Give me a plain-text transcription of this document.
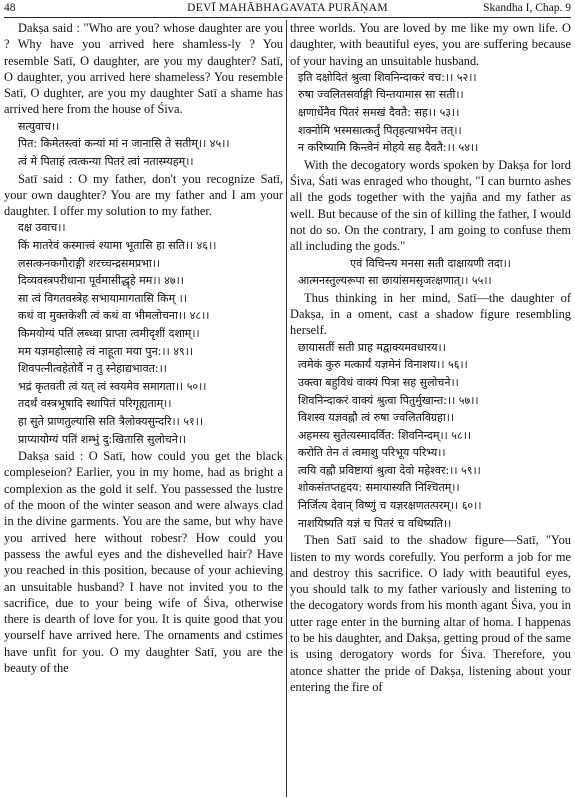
48	DEVĪ MAHĀBHAGAVATA PURĀṆAM	Skandha I, Chap. 9

Dakṣa said : "Who are you? whose daughter are you ? Why have you arrived here shamless-ly ? You resemble Satī, O daughter, are you my daughter? Satī, O daughter, you arrived here shameless? You resemble Satī, O dughter, are you my daughter Satī a shame has arrived here from the house of Śiva.

सत्युवाच।।
पित: किमेतस्त्वां कन्यां मां न जानासि ते सतीम्।। ४५।।
त्वं मे पिताहं त्वत्कन्या पितरं त्वां नतास्म्यहम्।।

Satī said : O my father, don't you recognize Satī, your own daughter? You are my father and I am your daughter. I offer my solution to my father.

दक्ष उवाच।।
किं मातरेवं कस्मात्त्वं श्यामा भूतासि हा सति।। ४६।।
लसत्कनकगौराङ्गी शरच्चन्द्रसमप्रभा।।
दिव्यवस्त्रपरीधाना पूर्वमासीद्धृहे मम।। ४७।।
सा त्वं विगतवस्त्रेह सभायामागतासि किम् ।।
कथं वा मुक्तकेशी त्वं कथं वा भीमलोचना।। ४८।।
किमयोग्यं पतिं लब्ध्वा प्राप्ता त्वमीदृशीं दशाम्।।
मम यज्ञमहोत्साहे त्वं नाहूता मया पुन:।। ४९।।
शिवपत्नीत्वहेतोर्वै न तु स्नेहाद्यभावत:।।
भद्रं कृतवती त्वं यत् त्वं स्वयमेव समागता।। ५०।।
तदर्थं वस्त्रभूषादि स्थापितं परिगृह्यताम्।।
हा सुते प्राणतुल्यासि सति त्रैलोक्यसुन्दरि।। ५१।।
प्राप्यायोग्यं पतिं शम्भुं दु:खितासि सुलोचने।।

Dakṣa said : O Satī, how could you get the black compleseion? Earlier, you in my home, had as bright a complexion as the gold it self. You passessed the lustre of the moon of the winter season and were always clad in the divine garments. You are the same, but why have you arrived here without robesr? How could you passess the awful eyes and the dishevelled hair? Have you reached in this position, because of your achieving an unsuitable husband? I have not invited you to the sacrifice, due to your being wife of Śiva, otherwise there is dearth of love for you. It is quite good that you yourself have arrived here. The ornaments and cstimes have unfit for you. O my daughter Satī, you are the beauty of the

three worlds. You are loved by me like my own life. O daughter, with beautiful eyes, you are suffering because of your having an unsuitable husband.

इति दक्षोदितं श्रुत्वा शिवनिन्दाकरं वच:।। ५२।।
रुषा ज्वलितसर्वाङ्गी चिन्तयामास सा सती।।
क्षणार्धेनैव पितरं समखं दैवतै: सह।। ५३।।
शक्नोमि भस्मसात्कर्तुं पितृहत्याभयेन तत्।।
न करिष्यामि किन्त्वेनं मोहये सह दैवतै:।। ५४।।

With the decogatory words spoken by Dakṣa for lord Śiva, Śati was enraged who thought, "I can burnto ashes all the gods together with the yajña and my father as well. But because of the sin of killing the father, I would not do so. On the contrary, I am going to confuse them all including the gods."

एवं विचिन्त्य मनसा सती दाक्षायणी तदा।।
आत्मनस्तुल्यरूपा सा छायांसमसृजत्क्षणात्।। ५५।।

Thus thinking in her mind, Satī—the daughter of Dakṣa, in a oment, cast a shadow figure resembling herself.

छायासतीं सती प्राह मद्वाक्यमवधारय।।
त्वमेकं कुरु मत्कार्यं यज्ञमेनं विनाशय।। ५६।।
उक्त्वा बहुविधं वाक्यं पित्रा सह सुलोचने।।
शिवनिन्दाकरं वाक्यं श्रुत्वा पितुर्मुखान्त:।। ५७।।
विशस्व यज्ञवह्नौ त्वं रुषा ज्वलितविग्रहा।।
अहमस्य सुतेत्यस्मादर्वित: शिवनिन्दम्।। ५८।।
करोति तेन तं त्वमाशु परिभूय परिभ्य।।
त्वयि वह्नौ प्रविष्टायां श्रुत्वा देवो महेश्वर:।। ५९।।
शोकसंतप्तहृदय: समायास्यति निश्चितम्।।
निर्जित्य देवान् विष्णुं च यज्ञरक्षणतत्परम्।। ६०।।
नाशयिष्यति यज्ञं च पितरं च वधिष्यति।।

Then Satī said to the shadow figure—Satī, "You listen to my words corefully. You perform a job for me and destroy this sacrifice. O lady with beautiful eyes, you should talk to my father variously and listening to the decogatory words from his month agant Śiva, you in utter rage enter in the burning altar of homa. I happenas to be his daughter, and Dakṣa, getting proud of the same is using derogatory words for Śiva. Therefore, you atonce shatter the pride of Dakṣa, listening about your entering the fire of
